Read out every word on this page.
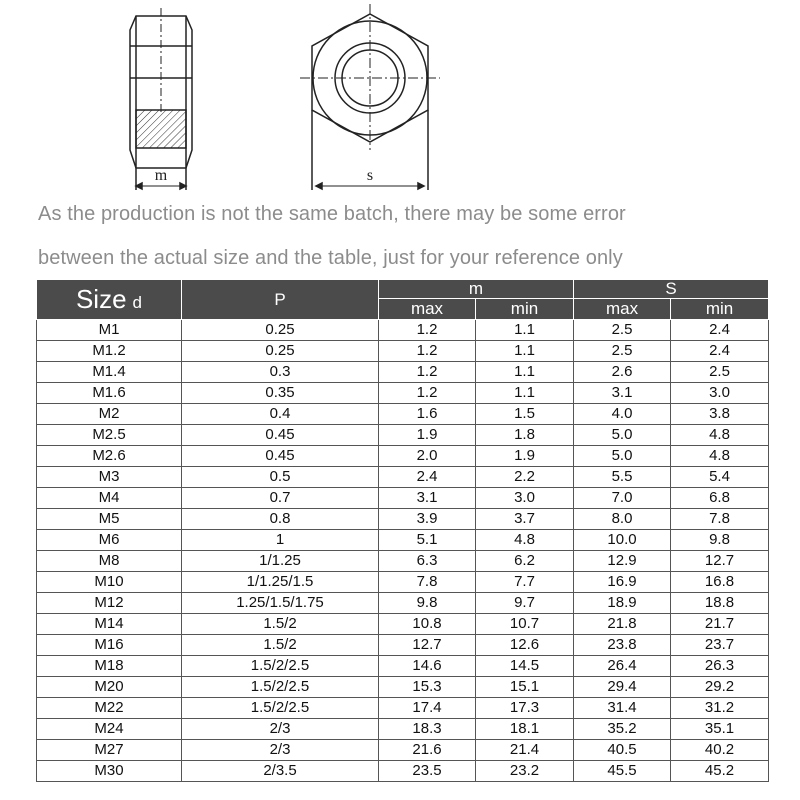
m	s
As the production is not the same batch, there may be some error
between the actual size and the table, just for your reference only
Size d	P	m		S	
		max	min	max	min
M1	0.25	1.2	1.1	2.5	2.4
M1.2	0.25	1.2	1.1	2.5	2.4
M1.4	0.3	1.2	1.1	2.6	2.5
M1.6	0.35	1.2	1.1	3.1	3.0
M2	0.4	1.6	1.5	4.0	3.8
M2.5	0.45	1.9	1.8	5.0	4.8
M2.6	0.45	2.0	1.9	5.0	4.8
M3	0.5	2.4	2.2	5.5	5.4
M4	0.7	3.1	3.0	7.0	6.8
M5	0.8	3.9	3.7	8.0	7.8
M6	1	5.1	4.8	10.0	9.8
M8	1/1.25	6.3	6.2	12.9	12.7
M10	1/1.25/1.5	7.8	7.7	16.9	16.8
M12	1.25/1.5/1.75	9.8	9.7	18.9	18.8
M14	1.5/2	10.8	10.7	21.8	21.7
M16	1.5/2	12.7	12.6	23.8	23.7
M18	1.5/2/2.5	14.6	14.5	26.4	26.3
M20	1.5/2/2.5	15.3	15.1	29.4	29.2
M22	1.5/2/2.5	17.4	17.3	31.4	31.2
M24	2/3	18.3	18.1	35.2	35.1
M27	2/3	21.6	21.4	40.5	40.2
M30	2/3.5	23.5	23.2	45.5	45.2
